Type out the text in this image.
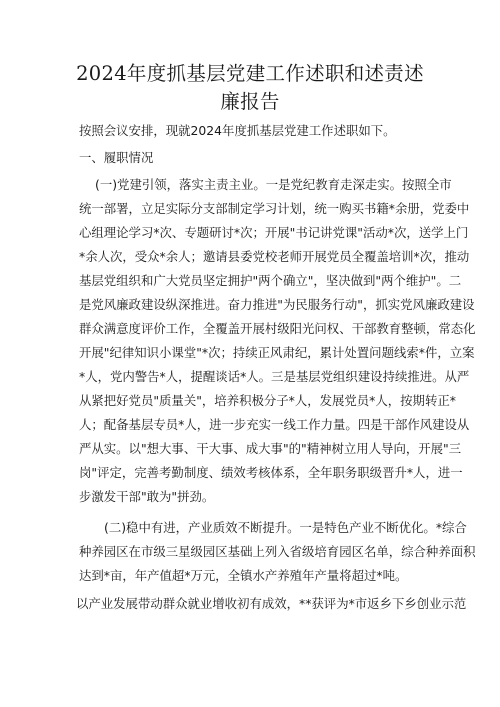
2024年度抓基层党建工作述职和述责述
廉报告
按照会议安排，现就2024年度抓基层党建工作述职如下。
一、履职情况
(一)党建引领，落实主责主业。一是党纪教育走深走实。按照全市
统一部署，立足实际分支部制定学习计划，统一购买书籍*余册，党委中
心组理论学习*次、专题研讨*次；开展"书记讲党课"活动*次，送学上门
*余人次，受众*余人；邀请县委党校老师开展党员全覆盖培训*次，推动
基层党组织和广大党员坚定拥护"两个确立"，坚决做到"两个维护"。二
是党风廉政建设纵深推进。奋力推进"为民服务行动"，抓实党风廉政建设
群众满意度评价工作，全覆盖开展村级阳光问权、干部教育整顿，常态化
开展"纪律知识小课堂"*次；持续正风肃纪，累计处置问题线索*件，立案
*人，党内警告*人，提醒谈话*人。三是基层党组织建设持续推进。从严
从紧把好党员"质量关"，培养积极分子*人，发展党员*人，按期转正*
人；配备基层专员*人，进一步充实一线工作力量。四是干部作风建设从
严从实。以"想大事、干大事、成大事"的"精神树立用人导向，开展"三
岗"评定，完善考勤制度、绩效考核体系，全年职务职级晋升*人，进一
步激发干部"敢为"拼劲。
(二)稳中有进，产业质效不断提升。一是特色产业不断优化。*综合
种养园区在市级三星级园区基础上列入省级培育园区名单，综合种养面积
达到*亩，年产值超*万元，全镇水产养殖年产量将超过*吨。
以产业发展带动群众就业增收初有成效，**获评为*市返乡下乡创业示范
